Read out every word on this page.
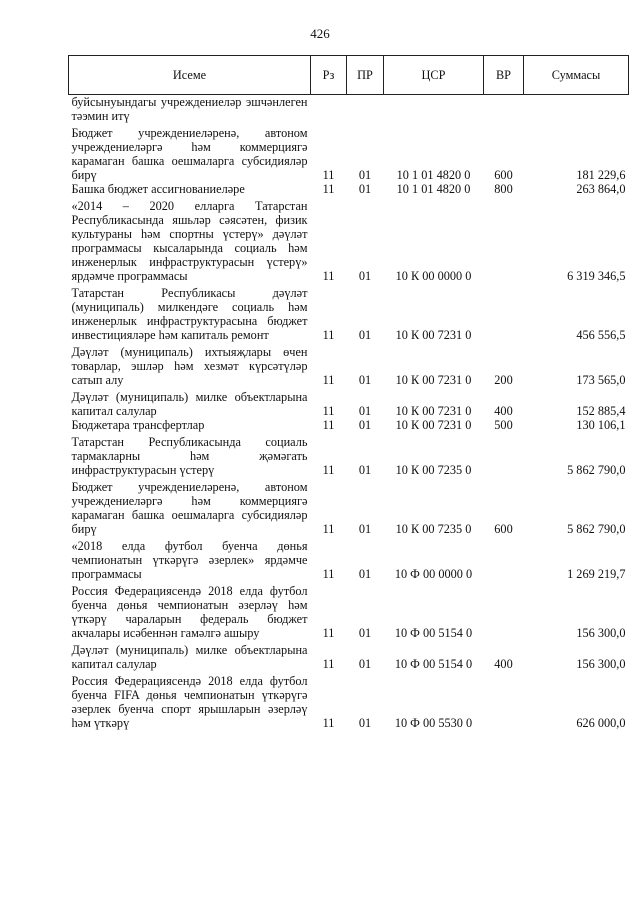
426
Исеме	Рз	ПР	ЦСР	ВР	Суммасы
буйсынуындагы учреждениеләр эшчәнлеген тәэмин итү					
Бюджет учреждениеләренә, автоном учреждениеләргә һәм коммерциягә карамаган башка оешмаларга субсидияләр бирү	11	01	10 1 01 4820 0	600	181 229,6
Башка бюджет ассигнованиеләре	11	01	10 1 01 4820 0	800	263 864,0
«2014 – 2020 елларга Татарстан Республикасында яшьләр сәясәтен, физик культураны һәм спортны үстерү» дәүләт программасы кысаларында социаль һәм инженерлык инфраструктурасын үстерү» ярдәмче программасы	11	01	10 К 00 0000 0		6 319 346,5
Татарстан Республикасы дәүләт (муниципаль) милкендәге социаль һәм инженерлык инфраструктурасына бюджет инвестицияләре һәм капиталь ремонт	11	01	10 К 00 7231 0		456 556,5
Дәүләт (муниципаль) ихтыяҗлары өчен товарлар, эшләр һәм хезмәт күрсәтүләр сатып алу	11	01	10 К 00 7231 0	200	173 565,0
Дәүләт (муниципаль) милке объектларына капитал салулар	11	01	10 К 00 7231 0	400	152 885,4
Бюджетара трансфертлар	11	01	10 К 00 7231 0	500	130 106,1
Татарстан Республикасында социаль тармакларны һәм җәмәгать инфраструктурасын үстерү	11	01	10 К 00 7235 0		5 862 790,0
Бюджет учреждениеләренә, автоном учреждениеләргә һәм коммерциягә карамаган башка оешмаларга субсидияләр бирү	11	01	10 К 00 7235 0	600	5 862 790,0
«2018 елда футбол буенча дөнья чемпионатын үткәрүгә әзерлек» ярдәмче программасы	11	01	10 Ф 00 0000 0		1 269 219,7
Россия Федерациясендә 2018 елда футбол буенча дөнья чемпионатын әзерләү һәм үткәрү чараларын федераль бюджет акчалары исәбеннән гамәлгә ашыру	11	01	10 Ф 00 5154 0		156 300,0
Дәүләт (муниципаль) милке объектларына капитал салулар	11	01	10 Ф 00 5154 0	400	156 300,0
Россия Федерациясендә 2018 елда футбол буенча FIFA дөнья чемпионатын үткәрүгә әзерлек буенча спорт ярышларын әзерләү һәм үткәрү	11	01	10 Ф 00 5530 0		626 000,0
